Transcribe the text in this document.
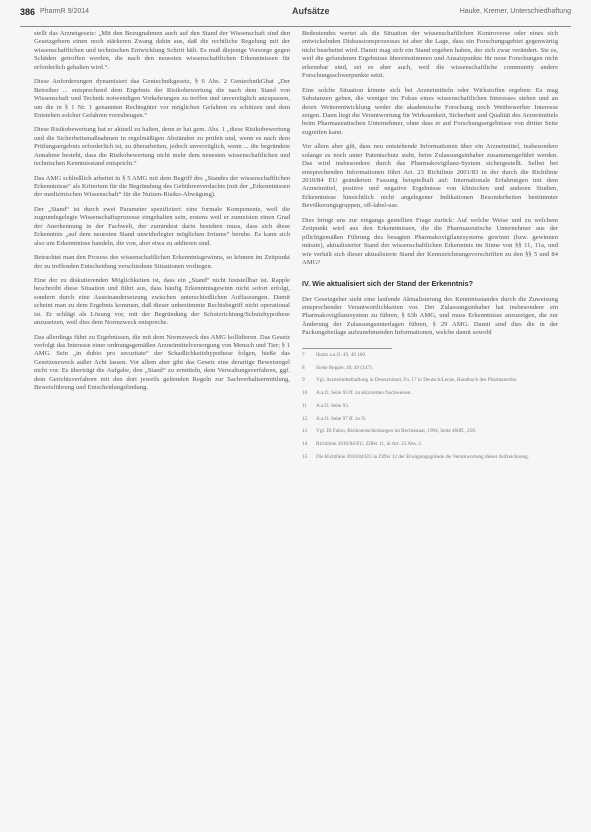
386 PharmR 9/2014	Aufsätze	Hauke, Kremer, Unterschiedhaftung

stellt das Arzneigesetz: „Mit den Bezugnahmen auch auf den Stand der Wissenschaft sind den Gesetzgebern einen noch stärkeren Zwang dahin aus, daß die rechtliche Regelung mit der wissenschaftlichen und technischen Entwicklung Schritt hält. Es muß diejenige Vorsorge gegen Schäden getroffen werden, die nach den neuesten wissenschaftlichen Erkenntnissen für erforderlich gehalten wird.“.

Diese Anforderungen dynamisiert das Gentechnikgesetz, § 6 Abs. 2 GentechnikGbat „Der Betreiber ... entsprechend dem Ergebnis der Risikobewertung die nach dem Stand von Wissenschaft und Technik notwendigen Vorkehrungen zu treffen und unverzüglich anzupassen, um die in § 1 Nr. 1 genannten Rechtsgüter vor möglichen Gefahren zu schützen und dem Entstehen solcher Gefahren vorzubeugen.“

Diese Risikobewertung hat er aktuell zu halten, denn er hat gem. Abs. 1 „diese Risikobewertung und die Sicherheitsmaßnahmen in regelmäßigen Abständen zu prüfen und, wenn es nach dem Prüfungsergebnis erforderlich ist, zu überarbeiten, jedoch unverzüglich, wenn ... die begründete Annahme besteht, dass die Risikobewertung nicht mehr dem neuesten wissenschaftlichen und technischen Kenntnisstand entspricht.“

Das AMG schließlich arbeitet in § 5 AMG mit dem Begriff des „Standes der wissenschaftlichen Erkenntnisse“ als Kriterium für die Begründung des Gebührenverdachts (mit der „Erkenntnissen der medizinischen Wissenschaft“ für die Nutzen-Risiko-Abwägung).

Der „Stand“ ist durch zwei Parameter spezifiziert: eine formale Komponente, weil die zugrundegelegte Wissenschaftsprozesse eingehalten sein, erstens weil er zumeisten einen Grad der Anerkennung in der Fachwelt, der zumindest darin bestehen muss, dass sich diese Erkenntnis „auf dem neuesten Stand unwiderlegter möglichen Irrtums“ beruhe. Es kann sich also um Erkenntnisse handeln, die von, aber etwa zu addieren sind.

Betrachtet man den Prozess des wissenschaftlichen Erkenntnisgewinns, so können im Zeitpunkt der zu treffenden Entscheidung verschiedene Situationen vorliegen.

Eine der zu diskutierenden Möglichkeiten ist, dass ein „Stand“ nicht feststellbar ist. Rapple beschreibt diese Situation und führt aus, dass häufig Erkenntnisgewinn nicht sofort erfolgt, sondern durch eine Auseinandersetzung zwischen unterschiedlichen Auffassungen. Damit scheint man zu dem Ergebnis kommen, daß dieser unbestimmte Rechtsbegriff nicht operational ist. Er schlägt als Lösung vor, mit der Begründung der Schutzrichtung/Schutzhypothese anzusetzen, weil dies dem Normzweck entspreche.

Das allerdings führt zu Ergebnissen, die mit dem Normzweck des AMG kollidieren. Das Gesetz verfolgt das Interesse einer ordnungsgemäßen Arzneimittelversorgung von Mensch und Tier; § 1 AMG. Sein „in dubio pro securitate“ der Schadlichkeitshypothese folgen, hieße das Gesetzeszweck außer Acht lassen. Vor allem aber gibt das Gesetz eine derartige Beweisregel nicht vor. Es überträgt die Aufgabe, den „Stand“ zu ermitteln, dem Verwaltungsverfahren, ggf. dem Gerichtsverfahren mit den dort jeweils geltenden Regeln zur Sachverhaltsermittlung, Beweisführung und Entscheidungsfindung.

Bedeutendes wertet als die Situation der wissenschaftlichen Kontroverse oder eines sich entwickelnden Diskussionsprozesses ist aber die Lage, dass ein Forschungsgebiet gegenwärtig nicht bearbeitet wird. Damit mag sich ein Stand ergeben haben, der sich zwar verändert. Sie es, weil die gefundenen Ergebnisse übereinstimmen und Ansatzpunkte für neue Forschungen nicht erkennbar sind, sei es aber auch, weil die wissenschaftliche community andere Forschungsschwerpunkte setzt.

Eine solche Situation könnte sich bei Arzneimitteln oder Wirkstoffen ergeben: Es mag Substanzen geben, die weniger im Fokus eines wissenschaftlichen Interesses stehen und an deren Weiterentwicklung weder die akademische Forschung noch Wettbewerber Interesse zeigen. Dann liegt die Verantwortung für Wirksamkeit, Sicherheit und Qualität des Arzneimittels beim Pharmazeutischen Unternehmer, ohne dass er auf Forschungsergebnisse von dritter Seite zugreifen kann.

Vor allem aber gilt, dass neu entstehende Informationen über ein Arzneimittel, insbesondere solange es noch unter Patentschutz steht, beim Zulassungsinhaber zusammengeführt werden. Das wird insbesondere durch das Pharmakovigilanz-System sichergestellt. Selbst bei entsprechenden Informationen führt Art. 23 Richtlinie 2001/83 in der durch die Richtlinie 2010/84 EU geänderten Fassung beispielhaft auf: Internationale Erfahrungen mit dem Arzneimittel, positive und negative Ergebnisse von klinischen und anderen Studien, Erkenntnisse hinsichtlich nicht angelegener Indikationen Besonderheiten bestimmter Bevölkerungsgruppen, off-label-use.

Dies bringt uns zur eingangs gestellten Frage zurück: Auf welche Weise und zu welchem Zeitpunkt wird aus den Erkenntnissen, die die Pharmazeutische Unternehmer aus der pflichtgemäßen Führung des besagten Pharmakovigilanzsystems gewinnt (bzw. gewinnen müsste), aktualisierter Stand der wissenschaftlichen Erkenntnis im Sinne von §§ 11, 11a, und wie verhält sich dieser aktualisierte Stand der Kennzeichnungsvorschriften zu den §§ 5 und 84 AMG?

IV. Wie aktualisiert sich der Stand der Erkenntnis?

Der Gesetzgeber sieht eine laufende Aktualisierung des Kenntnisstandes durch die Zuweisung entsprechender Verantwortlichkeiten vor. Der Zulassungsinhaber hat insbesondere ein Pharmakovigilanzsystem zu führen, § 63b AMG, und muss Erkenntnisse anzuzeigen, die zur Änderung der Zulassungsunterlagen führen, § 29 AMG. Damit sind dies die in der Packungsbeilage aufzunehmenden Informationen, welche damit sowohl

7	Ibartz a.a.O. 49, 49 100.

8	Siehe Repple, 49, 49 (147).

9	Vgl. Arzneimittelhaftung in Deutschland, Fn. 17 in Deutsch/Lenze, Handbuch des Pharmarechts.

10	A.a.O. Seite 93 ff. zu skizzierten Nachweisen.

11	A.a.O. Seite 93.

12	A.a.O. Seite 97 ff. zu N.

13	Vgl. Di Fabio, Risikoentscheidungen im Rechtsstaat, 1994, Seite 460ff., 258.

14	Richtlinie 2010/84/EU, Ziffer 11, in Art. 23 Abs. 2.

15	Die Richtlinie 2010/84/EU in Ziffer 12 der Erwägungsgründe die Verantwortung dieser Aufzeichnung.
